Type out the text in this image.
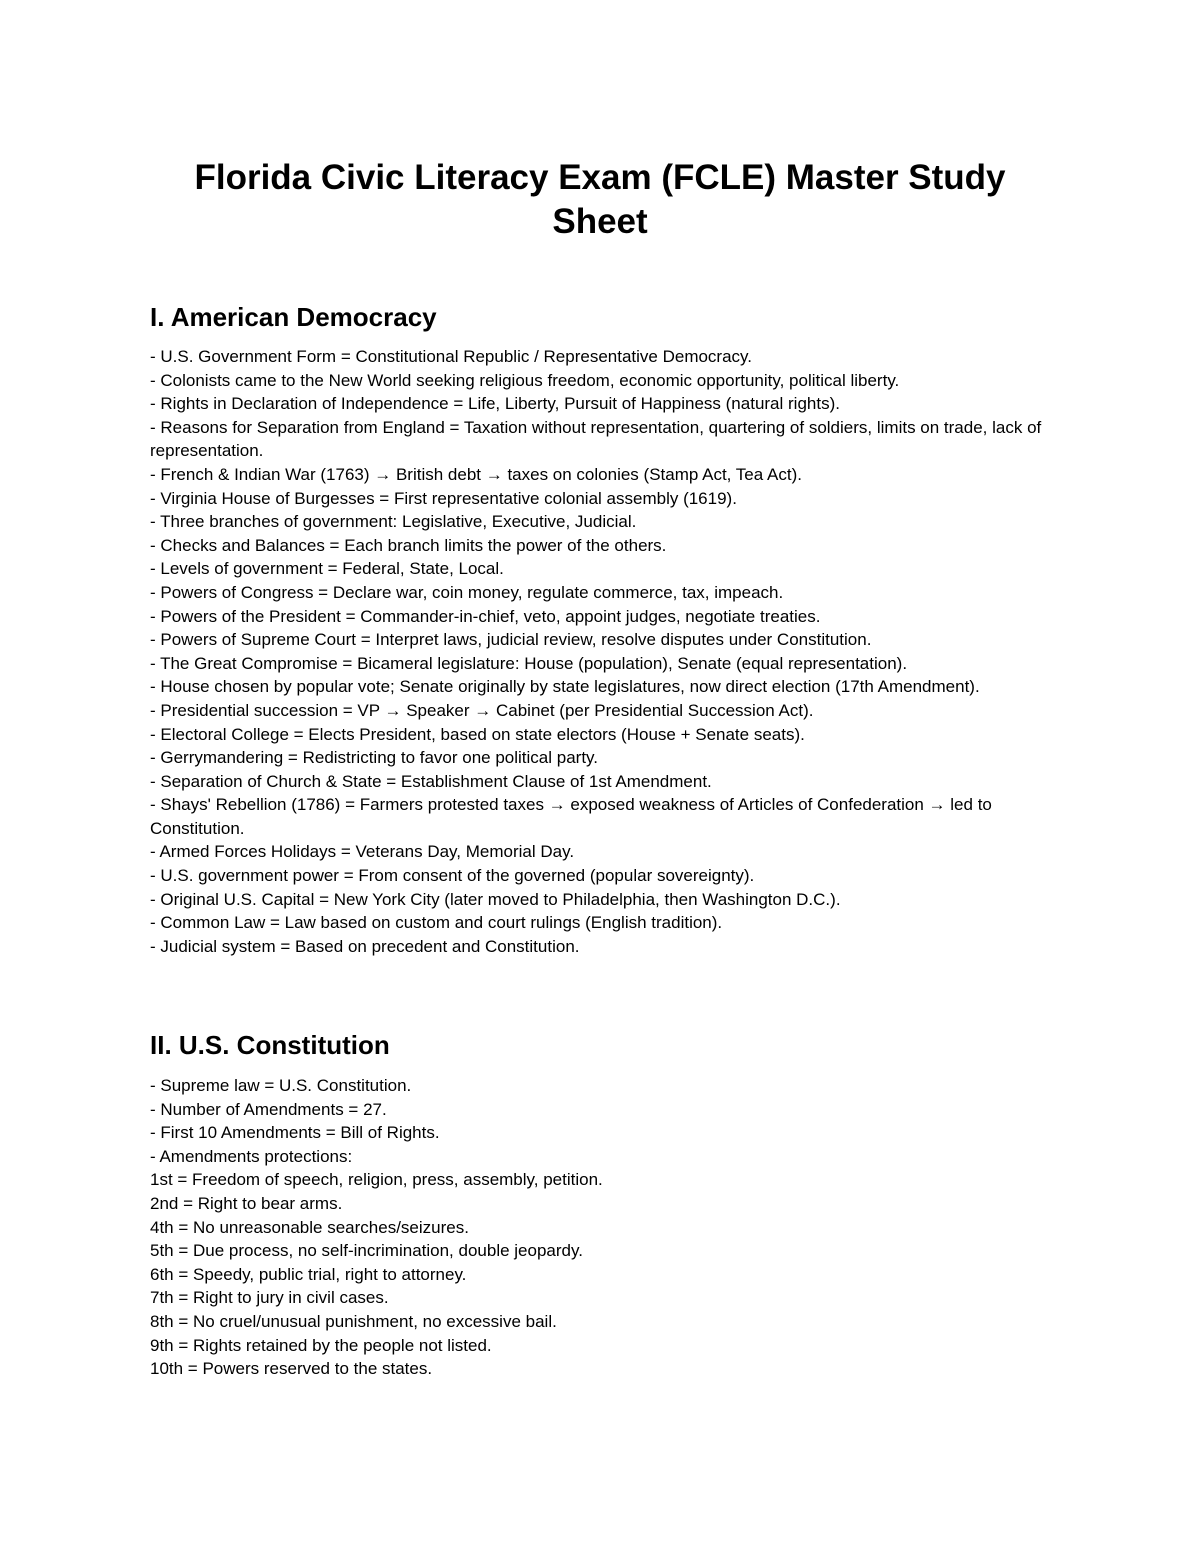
Florida Civic Literacy Exam (FCLE) Master Study Sheet
I. American Democracy
- U.S. Government Form = Constitutional Republic / Representative Democracy.
- Colonists came to the New World seeking religious freedom, economic opportunity, political liberty.
- Rights in Declaration of Independence = Life, Liberty, Pursuit of Happiness (natural rights).
- Reasons for Separation from England = Taxation without representation, quartering of soldiers, limits on trade, lack of representation.
- French & Indian War (1763) → British debt → taxes on colonies (Stamp Act, Tea Act).
- Virginia House of Burgesses = First representative colonial assembly (1619).
- Three branches of government: Legislative, Executive, Judicial.
- Checks and Balances = Each branch limits the power of the others.
- Levels of government = Federal, State, Local.
- Powers of Congress = Declare war, coin money, regulate commerce, tax, impeach.
- Powers of the President = Commander-in-chief, veto, appoint judges, negotiate treaties.
- Powers of Supreme Court = Interpret laws, judicial review, resolve disputes under Constitution.
- The Great Compromise = Bicameral legislature: House (population), Senate (equal representation).
- House chosen by popular vote; Senate originally by state legislatures, now direct election (17th Amendment).
- Presidential succession = VP → Speaker → Cabinet (per Presidential Succession Act).
- Electoral College = Elects President, based on state electors (House + Senate seats).
- Gerrymandering = Redistricting to favor one political party.
- Separation of Church & State = Establishment Clause of 1st Amendment.
- Shays' Rebellion (1786) = Farmers protested taxes → exposed weakness of Articles of Confederation → led to Constitution.
- Armed Forces Holidays = Veterans Day, Memorial Day.
- U.S. government power = From consent of the governed (popular sovereignty).
- Original U.S. Capital = New York City (later moved to Philadelphia, then Washington D.C.).
- Common Law = Law based on custom and court rulings (English tradition).
- Judicial system = Based on precedent and Constitution.
II. U.S. Constitution
- Supreme law = U.S. Constitution.
- Number of Amendments = 27.
- First 10 Amendments = Bill of Rights.
- Amendments protections:
1st = Freedom of speech, religion, press, assembly, petition.
2nd = Right to bear arms.
4th = No unreasonable searches/seizures.
5th = Due process, no self-incrimination, double jeopardy.
6th = Speedy, public trial, right to attorney.
7th = Right to jury in civil cases.
8th = No cruel/unusual punishment, no excessive bail.
9th = Rights retained by the people not listed.
10th = Powers reserved to the states.
